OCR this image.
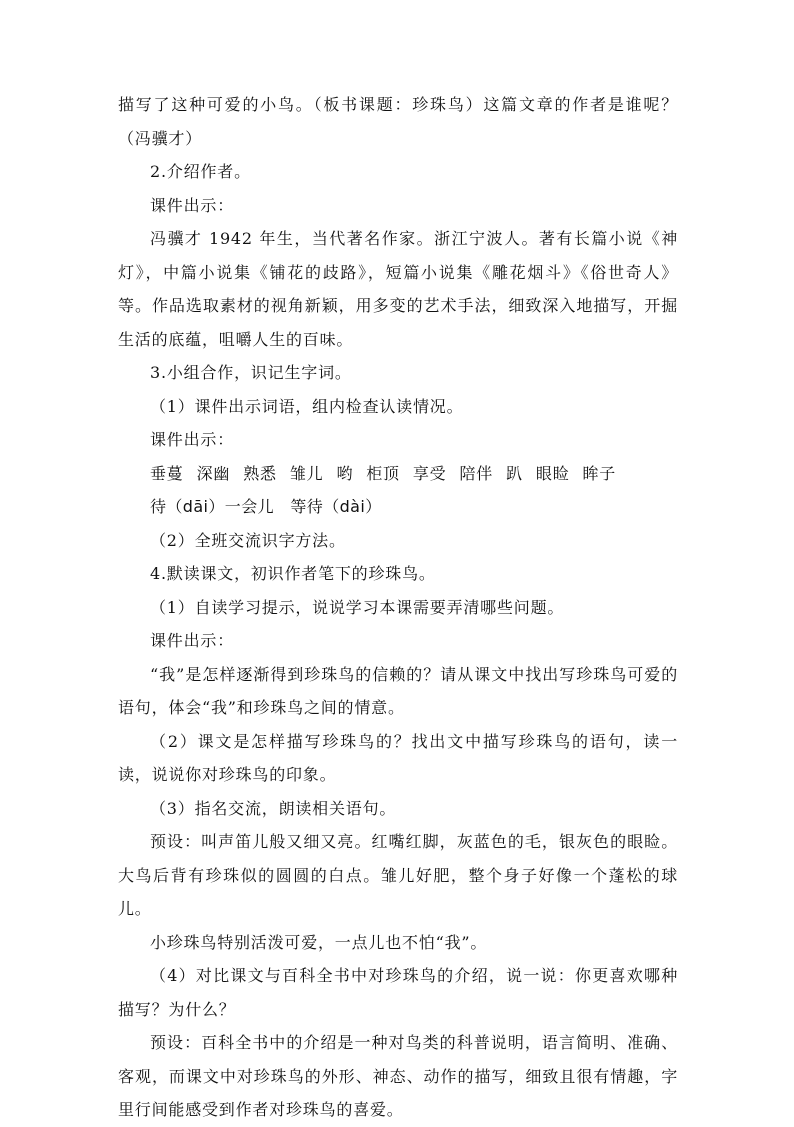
描写了这种可爱的小鸟。（板书课题：珍珠鸟）这篇文章的作者是谁呢？（冯骥才）

2.介绍作者。

课件出示：

冯骥才 1942 年生，当代著名作家。浙江宁波人。著有长篇小说《神灯》，中篇小说集《铺花的歧路》，短篇小说集《雕花烟斗》《俗世奇人》等。作品选取素材的视角新颖，用多变的艺术手法，细致深入地描写，开掘生活的底蕴，咀嚼人生的百味。

3.小组合作，识记生字词。

（1）课件出示词语，组内检查认读情况。

课件出示：

垂蔓 深幽 熟悉 雏儿 哟 柜顶 享受 陪伴 趴 眼睑 眸子

待（dāi）一会儿　等待（dài）

（2）全班交流识字方法。

4.默读课文，初识作者笔下的珍珠鸟。

（1）自读学习提示，说说学习本课需要弄清哪些问题。

课件出示：

“我”是怎样逐渐得到珍珠鸟的信赖的？请从课文中找出写珍珠鸟可爱的语句，体会“我”和珍珠鸟之间的情意。

（2）课文是怎样描写珍珠鸟的？找出文中描写珍珠鸟的语句，读一读，说说你对珍珠鸟的印象。

（3）指名交流，朗读相关语句。

预设：叫声笛儿般又细又亮。红嘴红脚，灰蓝色的毛，银灰色的眼睑。大鸟后背有珍珠似的圆圆的白点。雏儿好肥，整个身子好像一个蓬松的球儿。

小珍珠鸟特别活泼可爱，一点儿也不怕“我”。

（4）对比课文与百科全书中对珍珠鸟的介绍，说一说：你更喜欢哪种描写？为什么？

预设：百科全书中的介绍是一种对鸟类的科普说明，语言简明、准确、客观，而课文中对珍珠鸟的外形、神态、动作的描写，细致且很有情趣，字里行间能感受到作者对珍珠鸟的喜爱。
